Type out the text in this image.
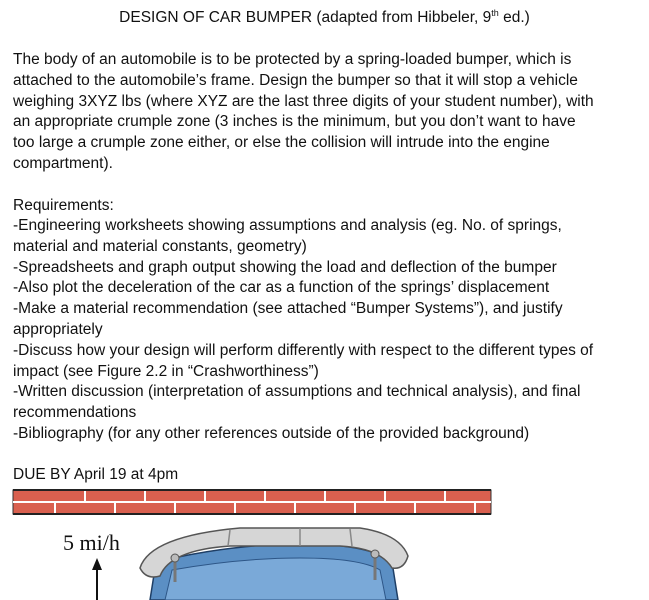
DESIGN OF CAR BUMPER (adapted from Hibbeler, 9th ed.)

The body of an automobile is to be protected by a spring-loaded bumper, which is
attached to the automobile’s frame. Design the bumper so that it will stop a vehicle
weighing 3XYZ lbs (where XYZ are the last three digits of your student number), with
an appropriate crumple zone (3 inches is the minimum, but you don’t want to have
too large a crumple zone either, or else the collision will intrude into the engine
compartment).

Requirements:

-Engineering worksheets showing assumptions and analysis (eg. No. of springs,
material and material constants, geometry)
-Spreadsheets and graph output showing the load and deflection of the bumper
-Also plot the deceleration of the car as a function of the springs’ displacement
-Make a material recommendation (see attached “Bumper Systems”), and justify
appropriately
-Discuss how your design will perform differently with respect to the different types of
impact (see Figure 2.2 in “Crashworthiness”)
-Written discussion (interpretation of assumptions and technical analysis), and final
recommendations
-Bibliography (for any other references outside of the provided background)

DUE BY April 19 at 4pm

5 mi/h
